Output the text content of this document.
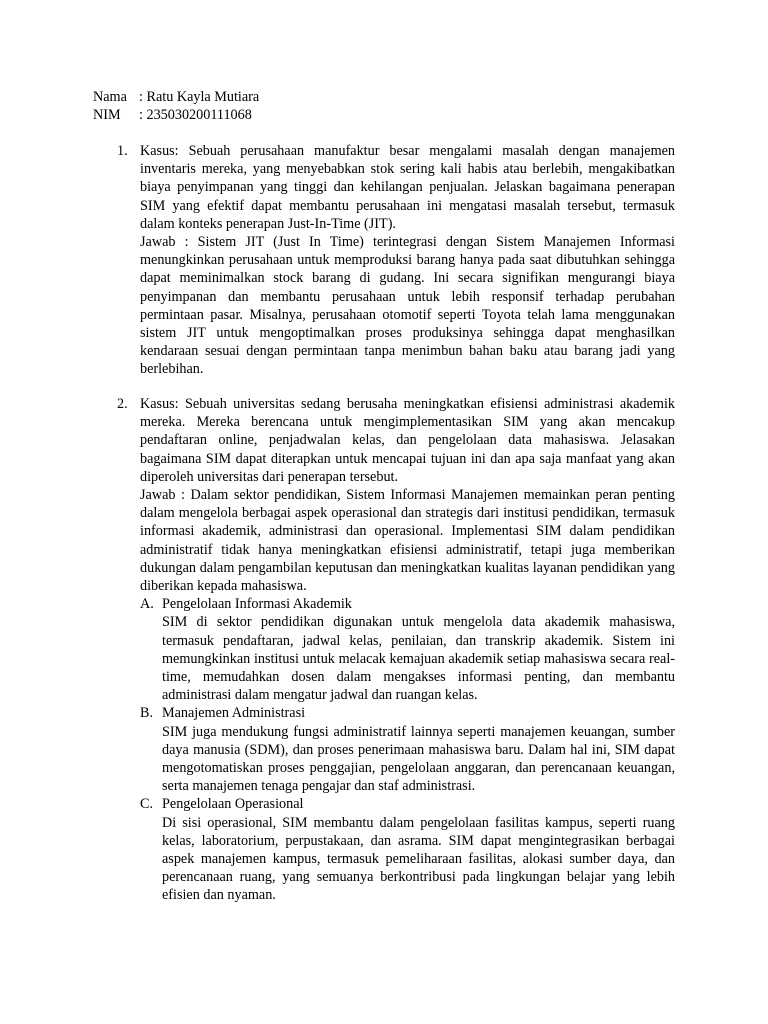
Nama : Ratu Kayla Mutiara
NIM : 235030200111068
1. Kasus: Sebuah perusahaan manufaktur besar mengalami masalah dengan manajemen inventaris mereka, yang menyebabkan stok sering kali habis atau berlebih, mengakibatkan biaya penyimpanan yang tinggi dan kehilangan penjualan. Jelaskan bagaimana penerapan SIM yang efektif dapat membantu perusahaan ini mengatasi masalah tersebut, termasuk dalam konteks penerapan Just-In-Time (JIT).

Jawab : Sistem JIT (Just In Time) terintegrasi dengan Sistem Manajemen Informasi menungkinkan perusahaan untuk memproduksi barang hanya pada saat dibutuhkan sehingga dapat meminimalkan stock barang di gudang. Ini secara signifikan mengurangi biaya penyimpanan dan membantu perusahaan untuk lebih responsif terhadap perubahan permintaan pasar. Misalnya, perusahaan otomotif seperti Toyota telah lama menggunakan sistem JIT untuk mengoptimalkan proses produksinya sehingga dapat menghasilkan kendaraan sesuai dengan permintaan tanpa menimbun bahan baku atau barang jadi yang berlebihan.

2. Kasus: Sebuah universitas sedang berusaha meningkatkan efisiensi administrasi akademik mereka. Mereka berencana untuk mengimplementasikan SIM yang akan mencakup pendaftaran online, penjadwalan kelas, dan pengelolaan data mahasiswa. Jelasakan bagaimana SIM dapat diterapkan untuk mencapai tujuan ini dan apa saja manfaat yang akan diperoleh universitas dari penerapan tersebut.

Jawab : Dalam sektor pendidikan, Sistem Informasi Manajemen memainkan peran penting dalam mengelola berbagai aspek operasional dan strategis dari institusi pendidikan, termasuk informasi akademik, administrasi dan operasional. Implementasi SIM dalam pendidikan administratif tidak hanya meningkatkan efisiensi administratif, tetapi juga memberikan dukungan dalam pengambilan keputusan dan meningkatkan kualitas layanan pendidikan yang diberikan kepada mahasiswa.

A. Pengelolaan Informasi Akademik
SIM di sektor pendidikan digunakan untuk mengelola data akademik mahasiswa, termasuk pendaftaran, jadwal kelas, penilaian, dan transkrip akademik. Sistem ini memungkinkan institusi untuk melacak kemajuan akademik setiap mahasiswa secara real-time, memudahkan dosen dalam mengakses informasi penting, dan membantu administrasi dalam mengatur jadwal dan ruangan kelas.
B. Manajemen Administrasi
SIM juga mendukung fungsi administratif lainnya seperti manajemen keuangan, sumber daya manusia (SDM), dan proses penerimaan mahasiswa baru. Dalam hal ini, SIM dapat mengotomatiskan proses penggajian, pengelolaan anggaran, dan perencanaan keuangan, serta manajemen tenaga pengajar dan staf administrasi.
C. Pengelolaan Operasional
Di sisi operasional, SIM membantu dalam pengelolaan fasilitas kampus, seperti ruang kelas, laboratorium, perpustakaan, dan asrama. SIM dapat mengintegrasikan berbagai aspek manajemen kampus, termasuk pemeliharaan fasilitas, alokasi sumber daya, dan perencanaan ruang, yang semuanya berkontribusi pada lingkungan belajar yang lebih efisien dan nyaman.
